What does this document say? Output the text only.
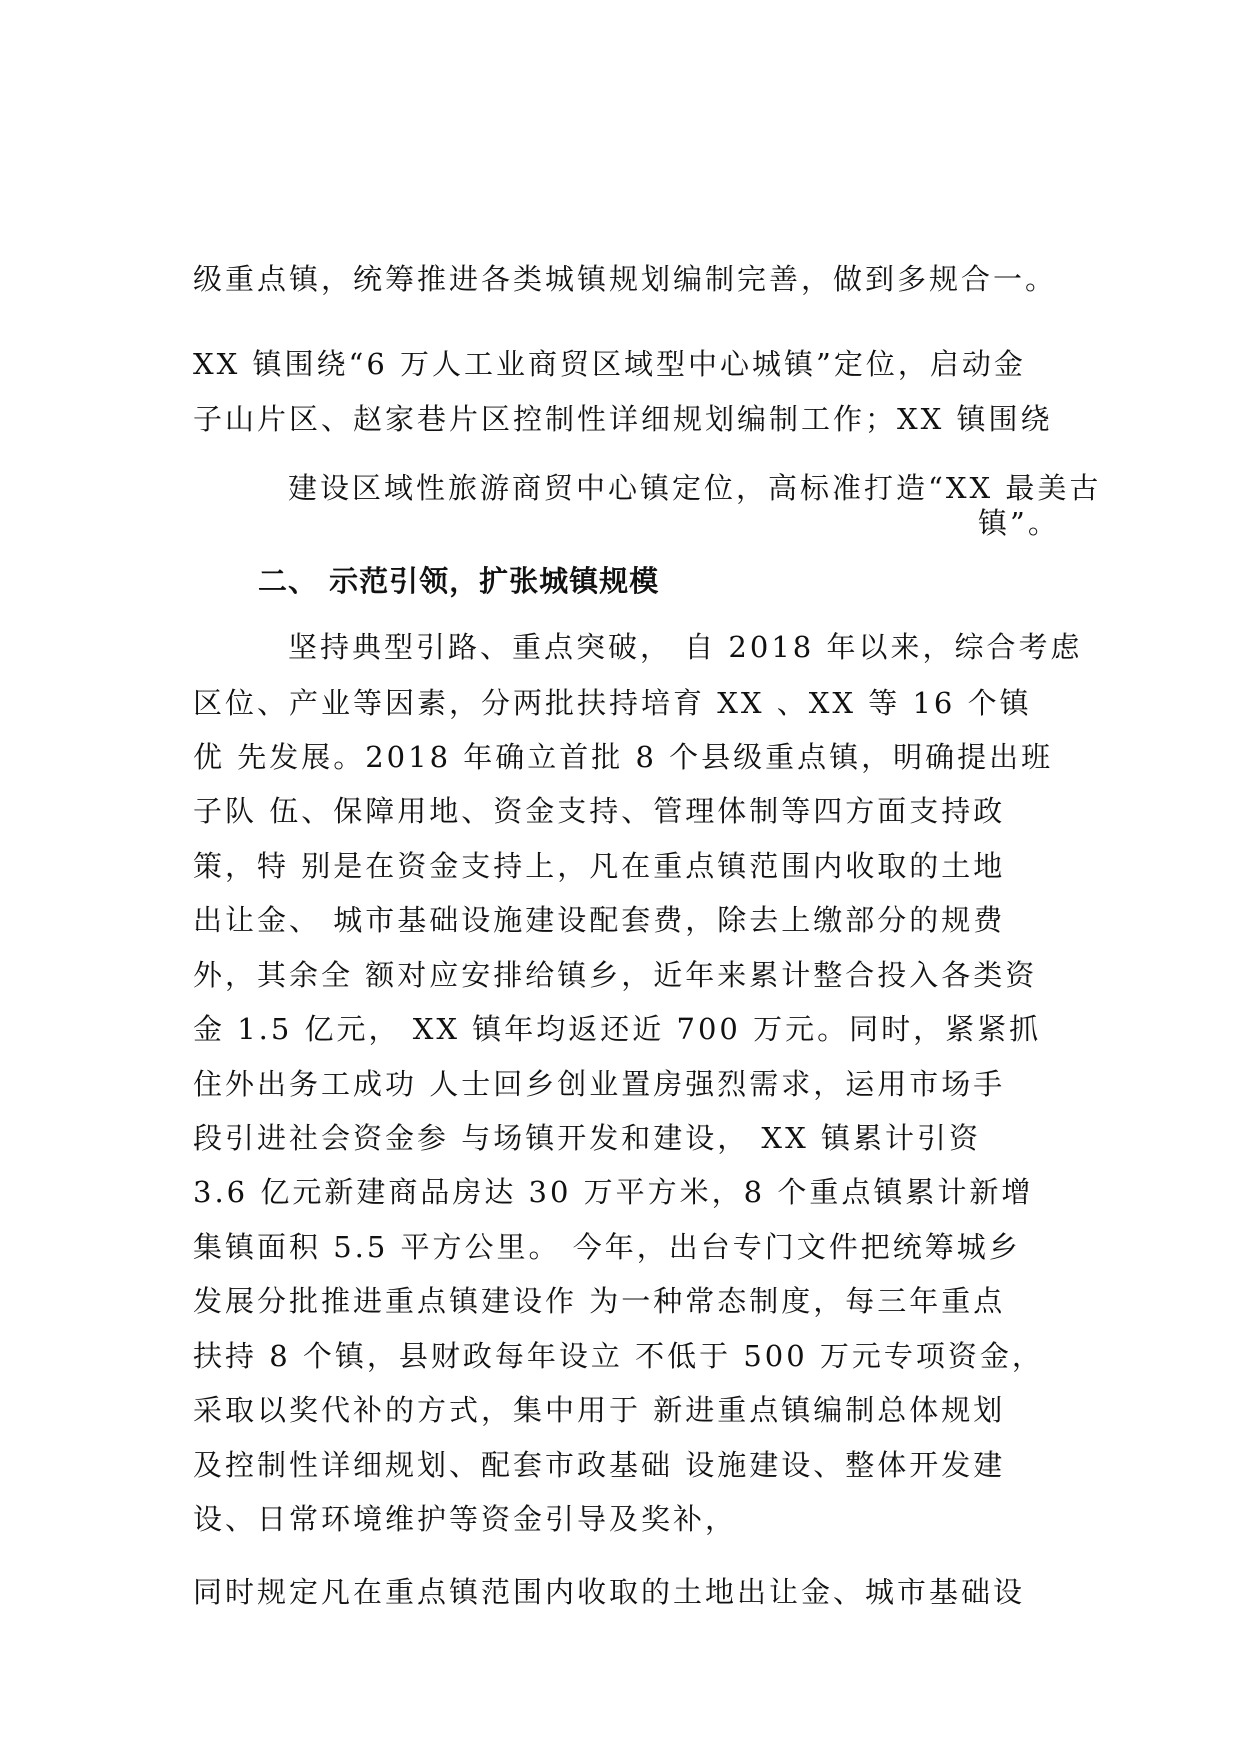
级重点镇，统筹推进各类城镇规划编制完善，做到多规合一。
XX 镇围绕“6 万人工业商贸区域型中心城镇”定位，启动金
子山片区、赵家巷片区控制性详细规划编制工作；XX 镇围绕
建设区域性旅游商贸中心镇定位，高标准打造“XX 最美古
镇”。
二、 示范引领，扩张城镇规模
坚持典型引路、重点突破， 自 2018 年以来，综合考虑
区位、产业等因素，分两批扶持培育 XX 、XX 等 16 个镇
优 先发展。2018 年确立首批 8 个县级重点镇，明确提出班
子队 伍、保障用地、资金支持、管理体制等四方面支持政
策，特 别是在资金支持上，凡在重点镇范围内收取的土地
出让金、 城市基础设施建设配套费，除去上缴部分的规费
外，其余全 额对应安排给镇乡，近年来累计整合投入各类资
金 1.5 亿元， XX 镇年均返还近 700 万元。同时，紧紧抓
住外出务工成功 人士回乡创业置房强烈需求，运用市场手
段引进社会资金参 与场镇开发和建设， XX 镇累计引资
3.6 亿元新建商品房达 30 万平方米，8 个重点镇累计新增
集镇面积 5.5 平方公里。 今年，出台专门文件把统筹城乡
发展分批推进重点镇建设作 为一种常态制度，每三年重点
扶持 8 个镇，县财政每年设立 不低于 500 万元专项资金，
采取以奖代补的方式，集中用于 新进重点镇编制总体规划
及控制性详细规划、配套市政基础 设施建设、整体开发建
设、日常环境维护等资金引导及奖补，
同时规定凡在重点镇范围内收取的土地出让金、城市基础设
